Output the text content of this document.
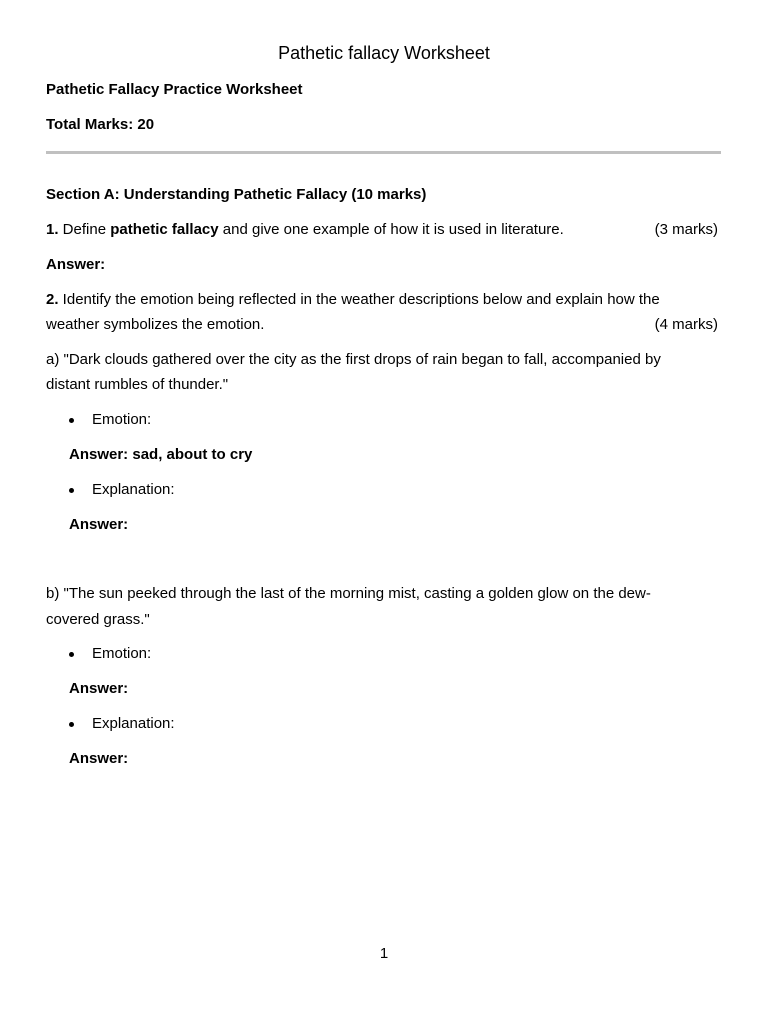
Pathetic fallacy Worksheet
Pathetic Fallacy Practice Worksheet
Total Marks: 20
Section A: Understanding Pathetic Fallacy (10 marks)
1. Define pathetic fallacy and give one example of how it is used in literature.	(3 marks)
Answer:
2. Identify the emotion being reflected in the weather descriptions below and explain how the
weather symbolizes the emotion.	(4 marks)
a) "Dark clouds gathered over the city as the first drops of rain began to fall, accompanied by
distant rumbles of thunder."
Emotion:
Answer: sad, about to cry
Explanation:
Answer:
b) "The sun peeked through the last of the morning mist, casting a golden glow on the dew-
covered grass."
Emotion:
Answer:
Explanation:
Answer:
1
